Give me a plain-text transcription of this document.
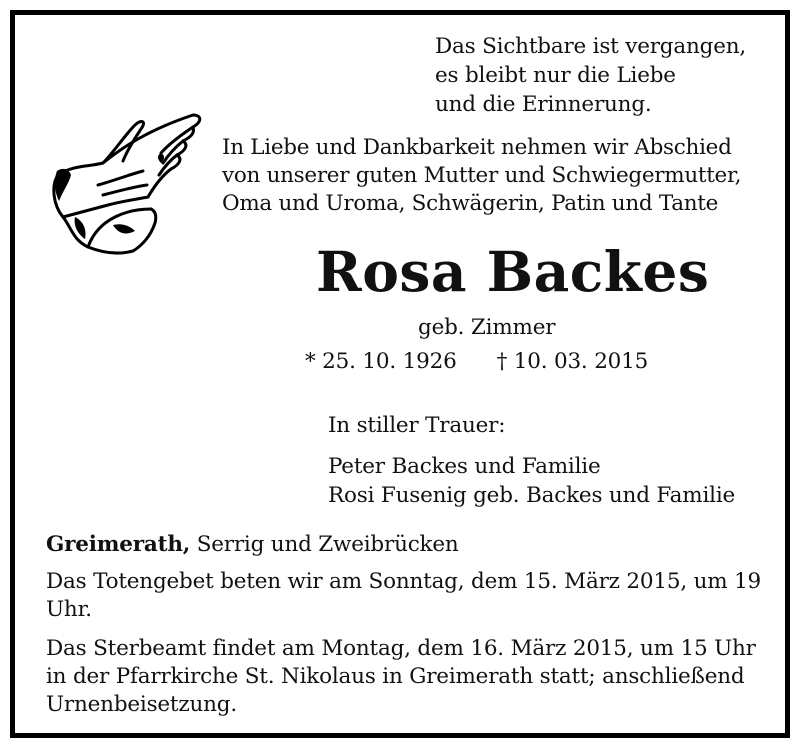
Das Sichtbare ist vergangen,
es bleibt nur die Liebe
und die Erinnerung.
In Liebe und Dankbarkeit nehmen wir Abschied
von unserer guten Mutter und Schwiegermutter,
Oma und Uroma, Schwägerin, Patin und Tante
Rosa Backes
geb. Zimmer
* 25. 10. 1926 † 10. 03. 2015
In stiller Trauer:
Peter Backes und Familie
Rosi Fusenig geb. Backes und Familie
Greimerath, Serrig und Zweibrücken
Das Totengebet beten wir am Sonntag, dem 15. März 2015, um 19 Uhr.
Das Sterbeamt findet am Montag, dem 16. März 2015, um 15 Uhr in der Pfarrkirche St. Nikolaus in Greimerath statt; anschließend Urnenbeisetzung.
